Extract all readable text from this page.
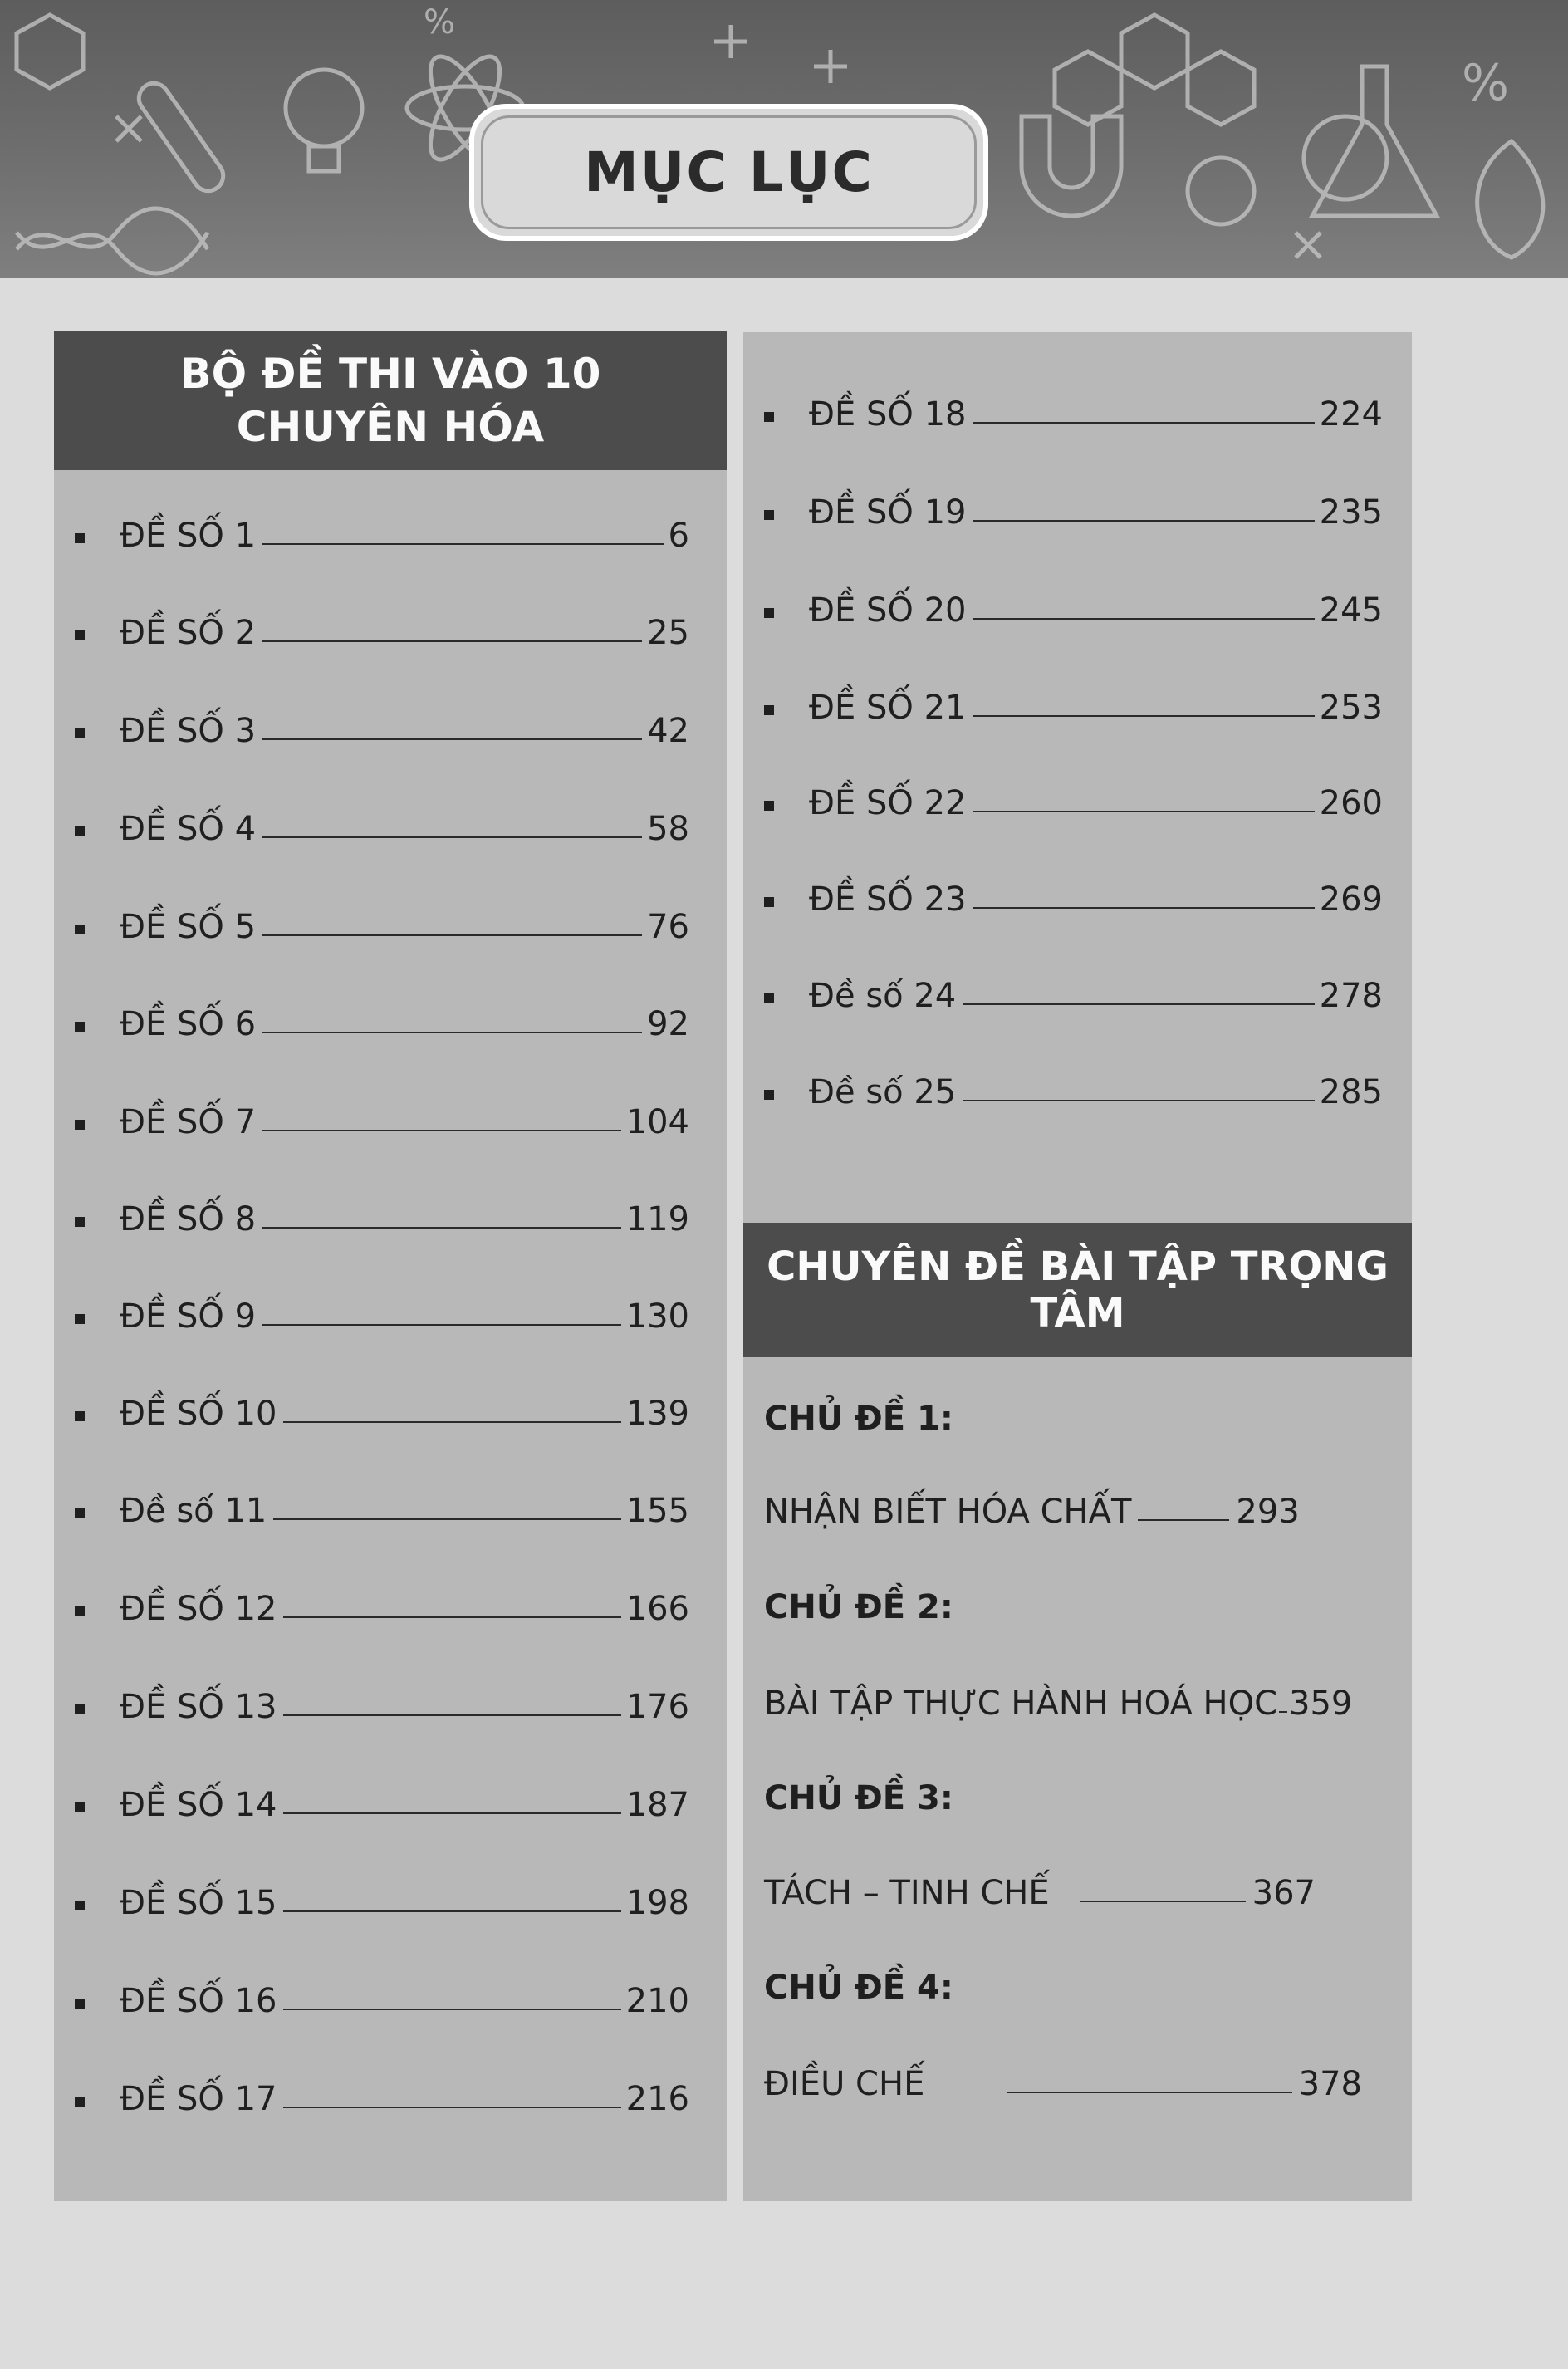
%
%
MỤC LỤC
BỘ ĐỀ THI VÀO 10
CHUYÊN HÓA
ĐỀ SỐ 1	6
ĐỀ SỐ 2	25
ĐỀ SỐ 3	42
ĐỀ SỐ 4	58
ĐỀ SỐ 5	76
ĐỀ SỐ 6	92
ĐỀ SỐ 7	104
ĐỀ SỐ 8	119
ĐỀ SỐ 9	130
ĐỀ SỐ 10	139
Đề số 11	155
ĐỀ SỐ 12	166
ĐỀ SỐ 13	176
ĐỀ SỐ 14	187
ĐỀ SỐ 15	198
ĐỀ SỐ 16	210
ĐỀ SỐ 17	216
ĐỀ SỐ 18	224
ĐỀ SỐ 19	235
ĐỀ SỐ 20	245
ĐỀ SỐ 21	253
ĐỀ SỐ 22	260
ĐỀ SỐ 23	269
Đề số 24	278
Đề số 25	285
CHUYÊN ĐỀ BÀI TẬP TRỌNG TÂM
CHỦ ĐỀ 1:
NHẬN BIẾT HÓA CHẤT	293
CHỦ ĐỀ 2:
BÀI TẬP THỰC HÀNH HOÁ HỌC 359
CHỦ ĐỀ 3:
TÁCH – TINH CHẾ	367
CHỦ ĐỀ 4:
ĐIỀU CHẾ	378
